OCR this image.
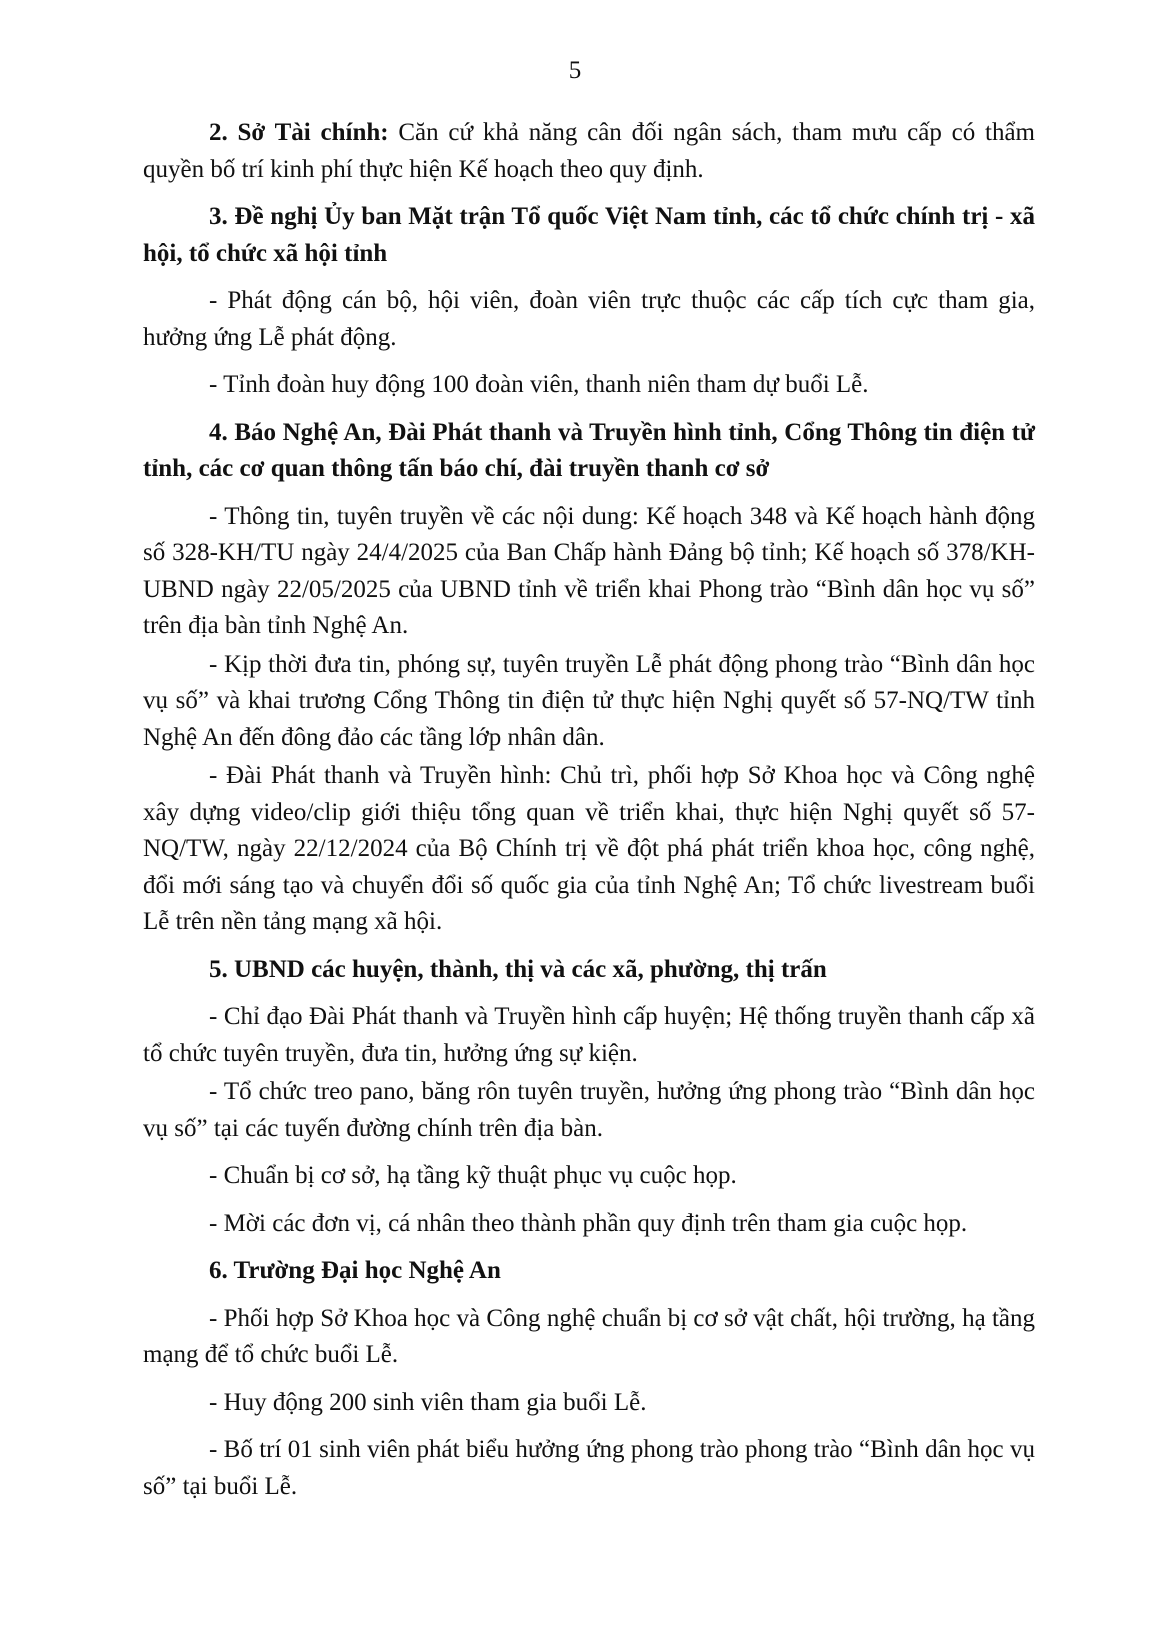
5

2. Sở Tài chính: Căn cứ khả năng cân đối ngân sách, tham mưu cấp có thẩm quyền bố trí kinh phí thực hiện Kế hoạch theo quy định.

3. Đề nghị Ủy ban Mặt trận Tổ quốc Việt Nam tỉnh, các tổ chức chính trị - xã hội, tổ chức xã hội tỉnh

- Phát động cán bộ, hội viên, đoàn viên trực thuộc các cấp tích cực tham gia, hưởng ứng Lễ phát động.

- Tỉnh đoàn huy động 100 đoàn viên, thanh niên tham dự buổi Lễ.

4. Báo Nghệ An, Đài Phát thanh và Truyền hình tỉnh, Cổng Thông tin điện tử tỉnh, các cơ quan thông tấn báo chí, đài truyền thanh cơ sở

- Thông tin, tuyên truyền về các nội dung: Kế hoạch 348 và Kế hoạch hành động số 328-KH/TU ngày 24/4/2025 của Ban Chấp hành Đảng bộ tỉnh; Kế hoạch số 378/KH-UBND ngày 22/05/2025 của UBND tỉnh về triển khai Phong trào “Bình dân học vụ số” trên địa bàn tỉnh Nghệ An.

- Kịp thời đưa tin, phóng sự, tuyên truyền Lễ phát động phong trào “Bình dân học vụ số” và khai trương Cổng Thông tin điện tử thực hiện Nghị quyết số 57-NQ/TW tỉnh Nghệ An đến đông đảo các tầng lớp nhân dân.

- Đài Phát thanh và Truyền hình: Chủ trì, phối hợp Sở Khoa học và Công nghệ xây dựng video/clip giới thiệu tổng quan về triển khai, thực hiện Nghị quyết số 57-NQ/TW, ngày 22/12/2024 của Bộ Chính trị về đột phá phát triển khoa học, công nghệ, đổi mới sáng tạo và chuyển đổi số quốc gia của tỉnh Nghệ An; Tổ chức livestream buổi Lễ trên nền tảng mạng xã hội.

5. UBND các huyện, thành, thị và các xã, phường, thị trấn

- Chỉ đạo Đài Phát thanh và Truyền hình cấp huyện; Hệ thống truyền thanh cấp xã tổ chức tuyên truyền, đưa tin, hưởng ứng sự kiện.

- Tổ chức treo pano, băng rôn tuyên truyền, hưởng ứng phong trào “Bình dân học vụ số” tại các tuyến đường chính trên địa bàn.

- Chuẩn bị cơ sở, hạ tầng kỹ thuật phục vụ cuộc họp.

- Mời các đơn vị, cá nhân theo thành phần quy định trên tham gia cuộc họp.

6. Trường Đại học Nghệ An

- Phối hợp Sở Khoa học và Công nghệ chuẩn bị cơ sở vật chất, hội trường, hạ tầng mạng để tổ chức buổi Lễ.

- Huy động 200 sinh viên tham gia buổi Lễ.

- Bố trí 01 sinh viên phát biểu hưởng ứng phong trào phong trào “Bình dân học vụ số” tại buổi Lễ.
